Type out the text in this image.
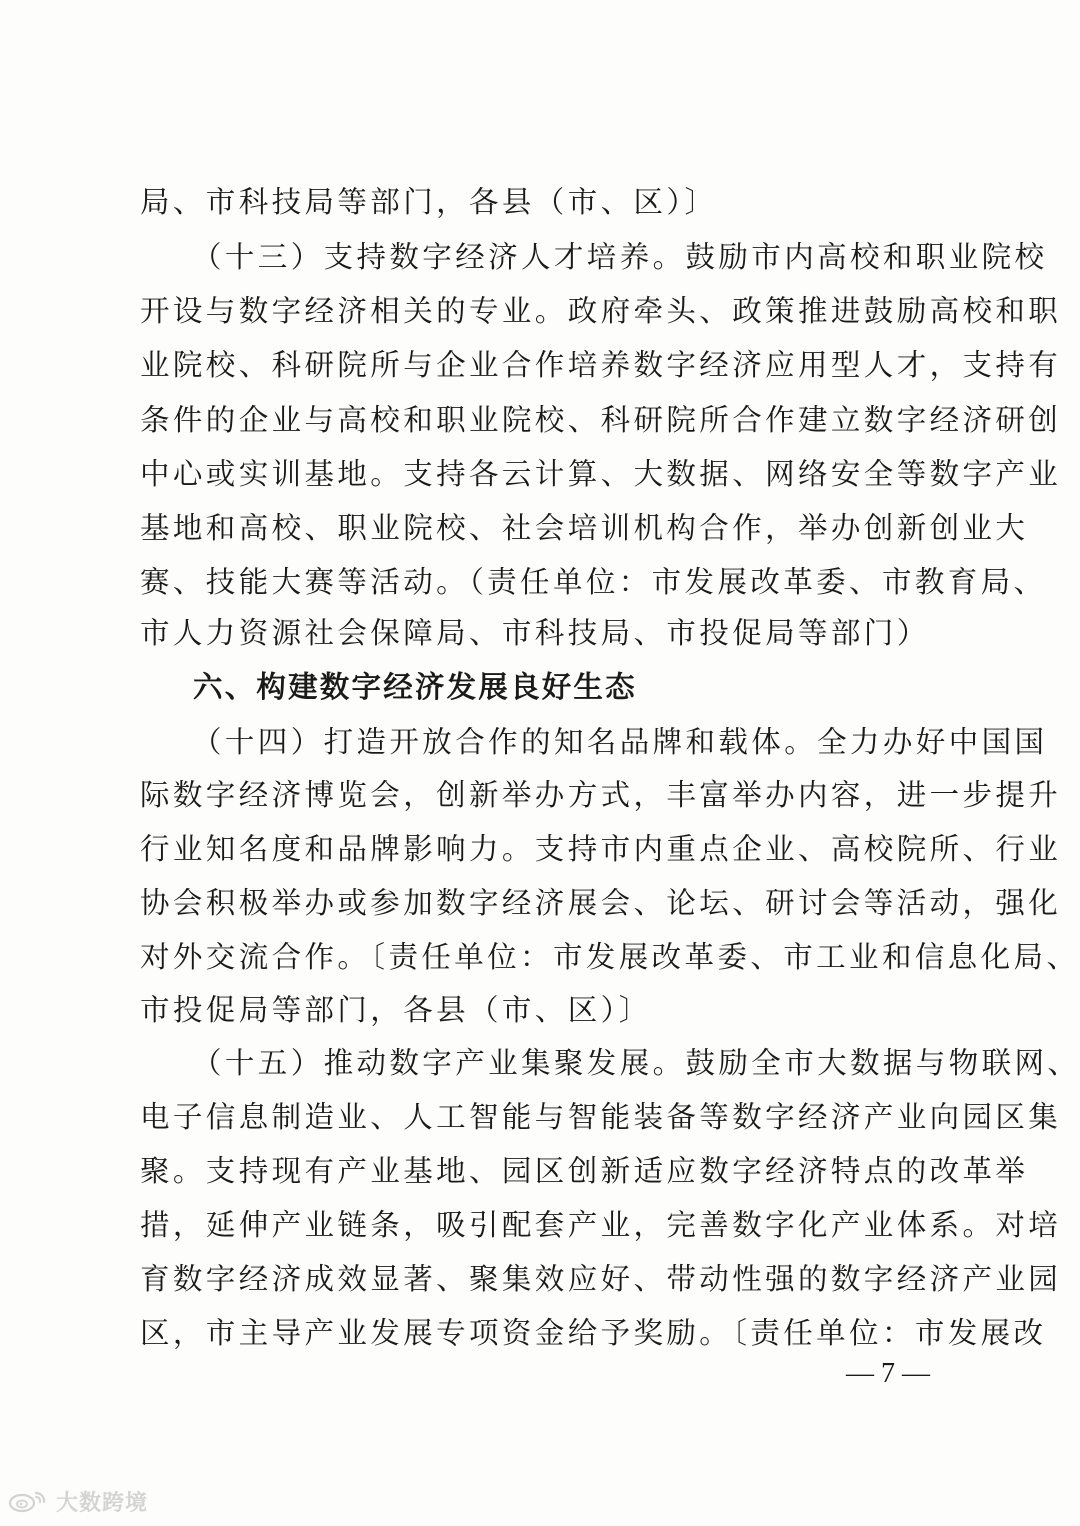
局、市科技局等部门，各县（市、区）〕
（十三）支持数字经济人才培养。鼓励市内高校和职业院校
开设与数字经济相关的专业。政府牵头、政策推进鼓励高校和职
业院校、科研院所与企业合作培养数字经济应用型人才，支持有
条件的企业与高校和职业院校、科研院所合作建立数字经济研创
中心或实训基地。支持各云计算、大数据、网络安全等数字产业
基地和高校、职业院校、社会培训机构合作，举办创新创业大
赛、技能大赛等活动。（责任单位：市发展改革委、市教育局、
市人力资源社会保障局、市科技局、市投促局等部门）
六、构建数字经济发展良好生态
（十四）打造开放合作的知名品牌和载体。全力办好中国国
际数字经济博览会，创新举办方式，丰富举办内容，进一步提升
行业知名度和品牌影响力。支持市内重点企业、高校院所、行业
协会积极举办或参加数字经济展会、论坛、研讨会等活动，强化
对外交流合作。〔责任单位：市发展改革委、市工业和信息化局、
市投促局等部门，各县（市、区）〕
（十五）推动数字产业集聚发展。鼓励全市大数据与物联网、
电子信息制造业、人工智能与智能装备等数字经济产业向园区集
聚。支持现有产业基地、园区创新适应数字经济特点的改革举
措，延伸产业链条，吸引配套产业，完善数字化产业体系。对培
育数字经济成效显著、聚集效应好、带动性强的数字经济产业园
区，市主导产业发展专项资金给予奖励。〔责任单位：市发展改
— 7 —
大数跨境
